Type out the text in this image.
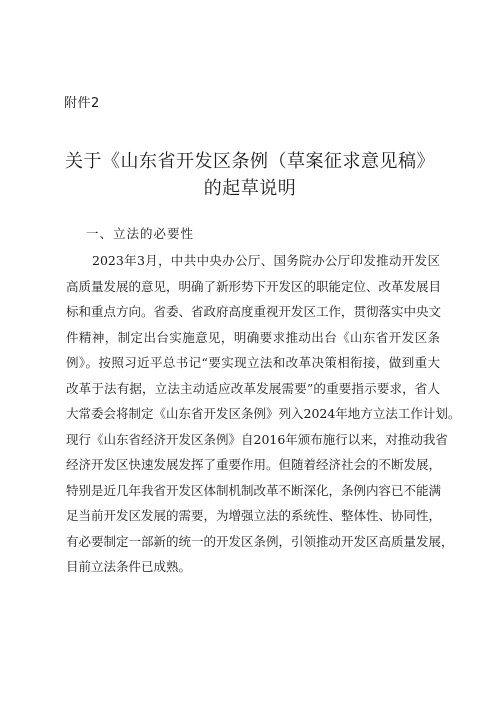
附件2
关于《山东省开发区条例（草案征求意见稿》
的起草说明
一、立法的必要性
2023年3月，中共中央办公厅、国务院办公厅印发推动开发区
高质量发展的意见，明确了新形势下开发区的职能定位、改革发展目
标和重点方向。省委、省政府高度重视开发区工作，贯彻落实中央文
件精神，制定出台实施意见，明确要求推动出台《山东省开发区条
例》。按照习近平总书记“要实现立法和改革决策相衔接，做到重大
改革于法有据，立法主动适应改革发展需要”的重要指示要求，省人
大常委会将制定《山东省开发区条例》列入2024年地方立法工作计划。
现行《山东省经济开发区条例》自2016年颁布施行以来，对推动我省
经济开发区快速发展发挥了重要作用。但随着经济社会的不断发展，
特别是近几年我省开发区体制机制改革不断深化，条例内容已不能满
足当前开发区发展的需要，为增强立法的系统性、整体性、协同性，
有必要制定一部新的统一的开发区条例，引领推动开发区高质量发展，
目前立法条件已成熟。
